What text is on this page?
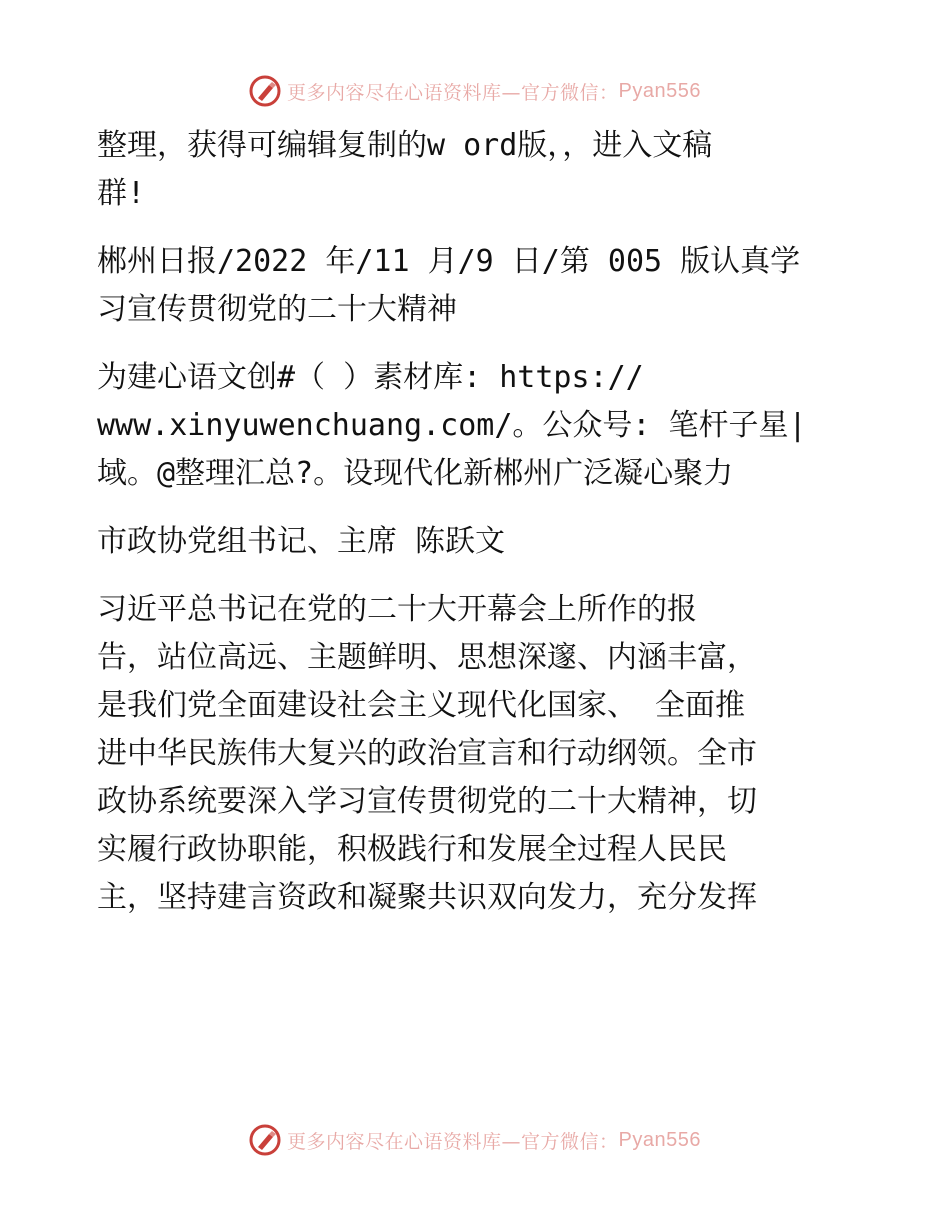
更多内容尽在心语资料库—官方微信： Pyan556
整理，获得可编辑复制的w ord版，，进入文稿
群!
郴州日报/2022 年/11 月/9 日/第 005 版认真学
习宣传贯彻党的二十大精神
为建心语文创#（ ）素材库: https://
www.xinyuwenchuang.com/。公众号: 笔杆子星|
域。@整理汇总?。设现代化新郴州广泛凝心聚力
市政协党组书记、主席 陈跃文
习近平总书记在党的二十大开幕会上所作的报
告，站位高远、主题鲜明、思想深邃、内涵丰富，
是我们党全面建设社会主义现代化国家、 全面推
进中华民族伟大复兴的政治宣言和行动纲领。全市
政协系统要深入学习宣传贯彻党的二十大精神，切
实履行政协职能，积极践行和发展全过程人民民
主，坚持建言资政和凝聚共识双向发力，充分发挥
更多内容尽在心语资料库—官方微信： Pyan556
